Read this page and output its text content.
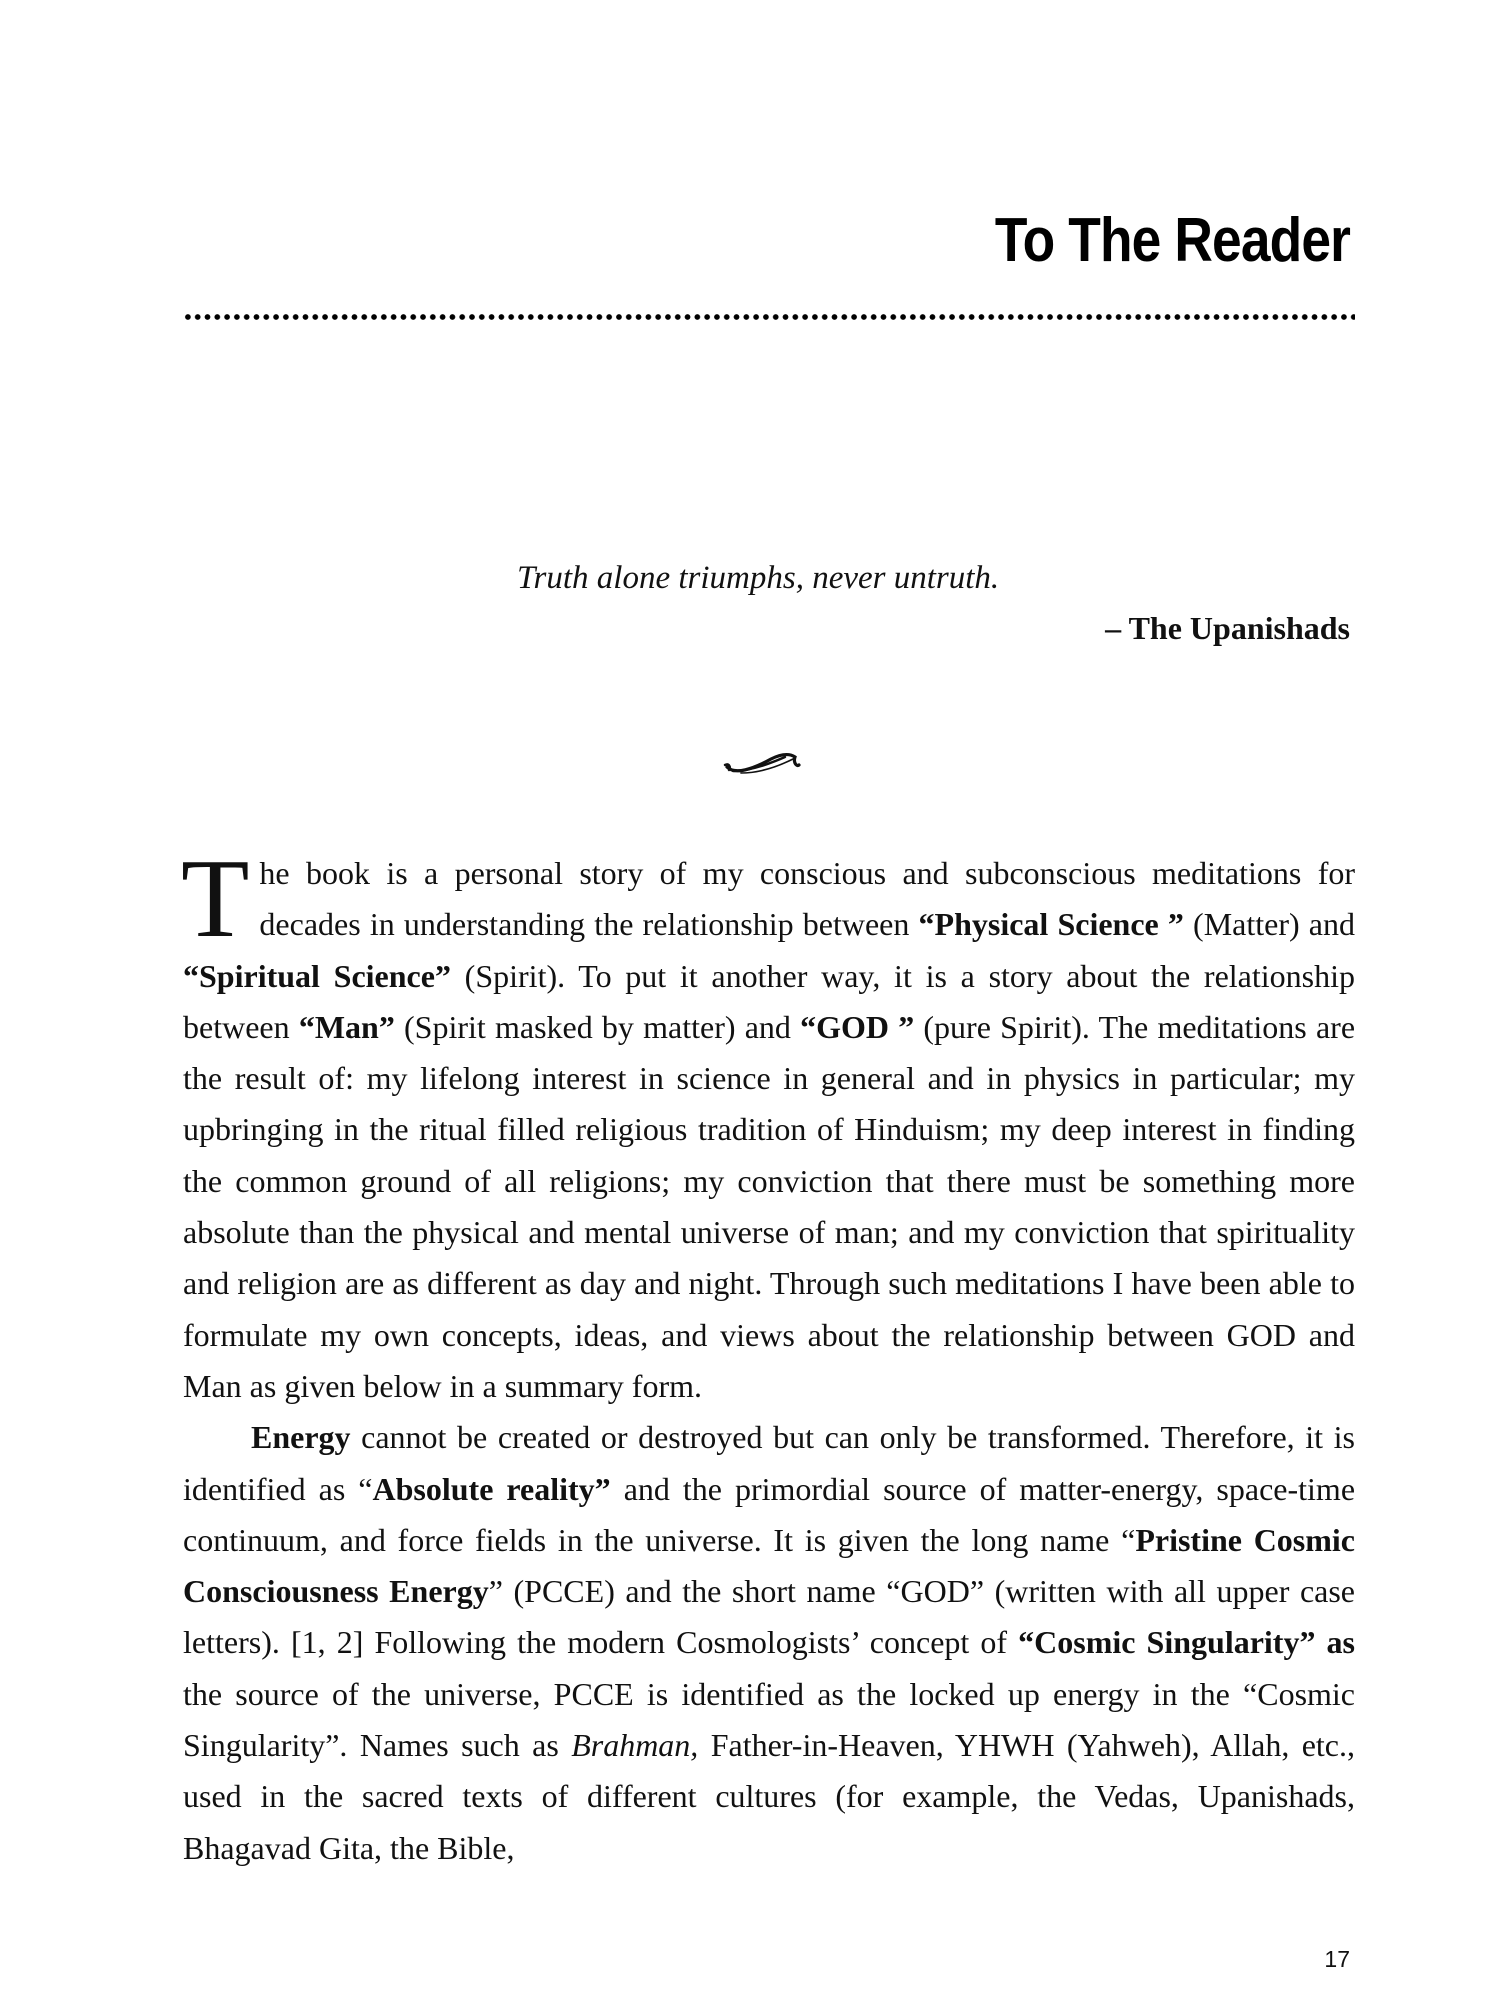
To The Reader
Truth alone triumphs, never untruth.
– The Upanishads

The book is a personal story of my conscious and subconscious meditations for decades in understanding the relationship between “Physical Science ” (Matter) and “Spiritual Science” (Spirit). To put it another way, it is a story about the relationship between “Man” (Spirit masked by matter) and “GOD ” (pure Spirit). The meditations are the result of: my lifelong interest in science in general and in physics in particular; my upbringing in the ritual filled religious tradition of Hinduism; my deep interest in finding the common ground of all religions; my conviction that there must be something more absolute than the physical and mental universe of man; and my conviction that spirituality and religion are as different as day and night. Through such meditations I have been able to formulate my own concepts, ideas, and views about the relationship between GOD and Man as given below in a summary form.

Energy cannot be created or destroyed but can only be transformed. Therefore, it is identified as “Absolute reality” and the primordial source of matter-energy, space-time continuum, and force fields in the universe. It is given the long name “Pristine Cosmic Consciousness Energy” (PCCE) and the short name “GOD” (written with all upper case letters). [1, 2] Following the modern Cosmologists’ concept of “Cosmic Singularity” as the source of the universe, PCCE is identified as the locked up energy in the “Cosmic Singularity”. Names such as Brahman, Father-in-Heaven, YHWH (Yahweh), Allah, etc., used in the sacred texts of different cultures (for example, the Vedas, Upanishads, Bhagavad Gita, the Bible,

17
